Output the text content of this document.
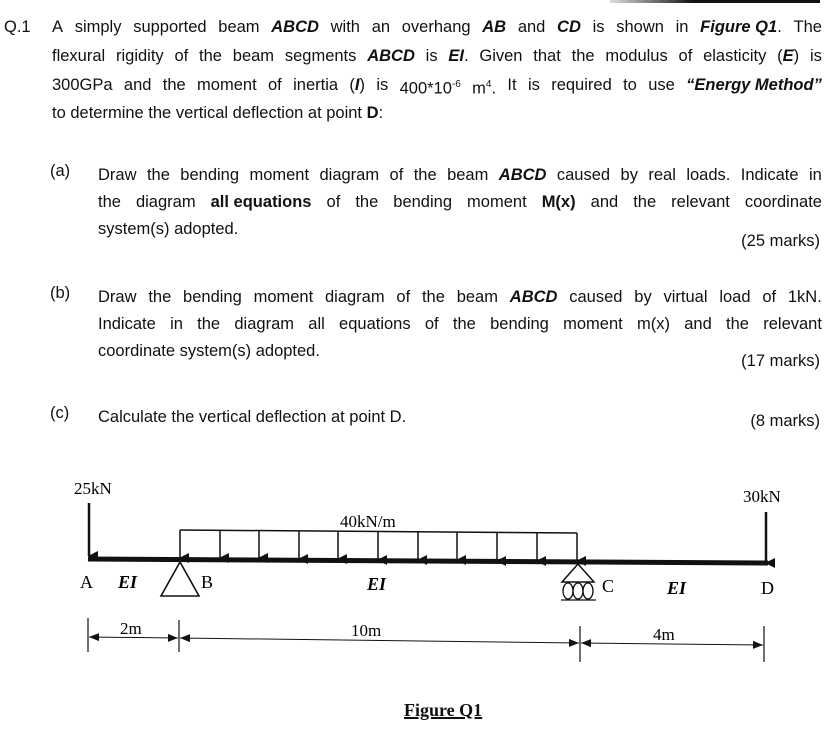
Q.1 A simply supported beam ABCD with an overhang AB and CD is shown in Figure Q1. The
flexural rigidity of the beam segments ABCD is EI. Given that the modulus of elasticity (E) is
300GPa and the moment of inertia (I) is $400*10^{-6}$ $m^4$. It is required to use “Energy Method”
to determine the vertical deflection at point D:
(a) Draw the bending moment diagram of the beam ABCD caused by real loads. Indicate in
the diagram all equations of the bending moment M(x) and the relevant coordinate
system(s) adopted.
(25 marks)
(b) Draw the bending moment diagram of the beam ABCD caused by virtual load of 1kN.
Indicate in the diagram all equations of the bending moment m(x) and the relevant
coordinate system(s) adopted.
(17 marks)
(c) Calculate the vertical deflection at point D.	(8 marks)
25kN	30kN
40kN/m
A	B	C	D
EI	EI	EI
2m	10m	4m
Figure Q1
